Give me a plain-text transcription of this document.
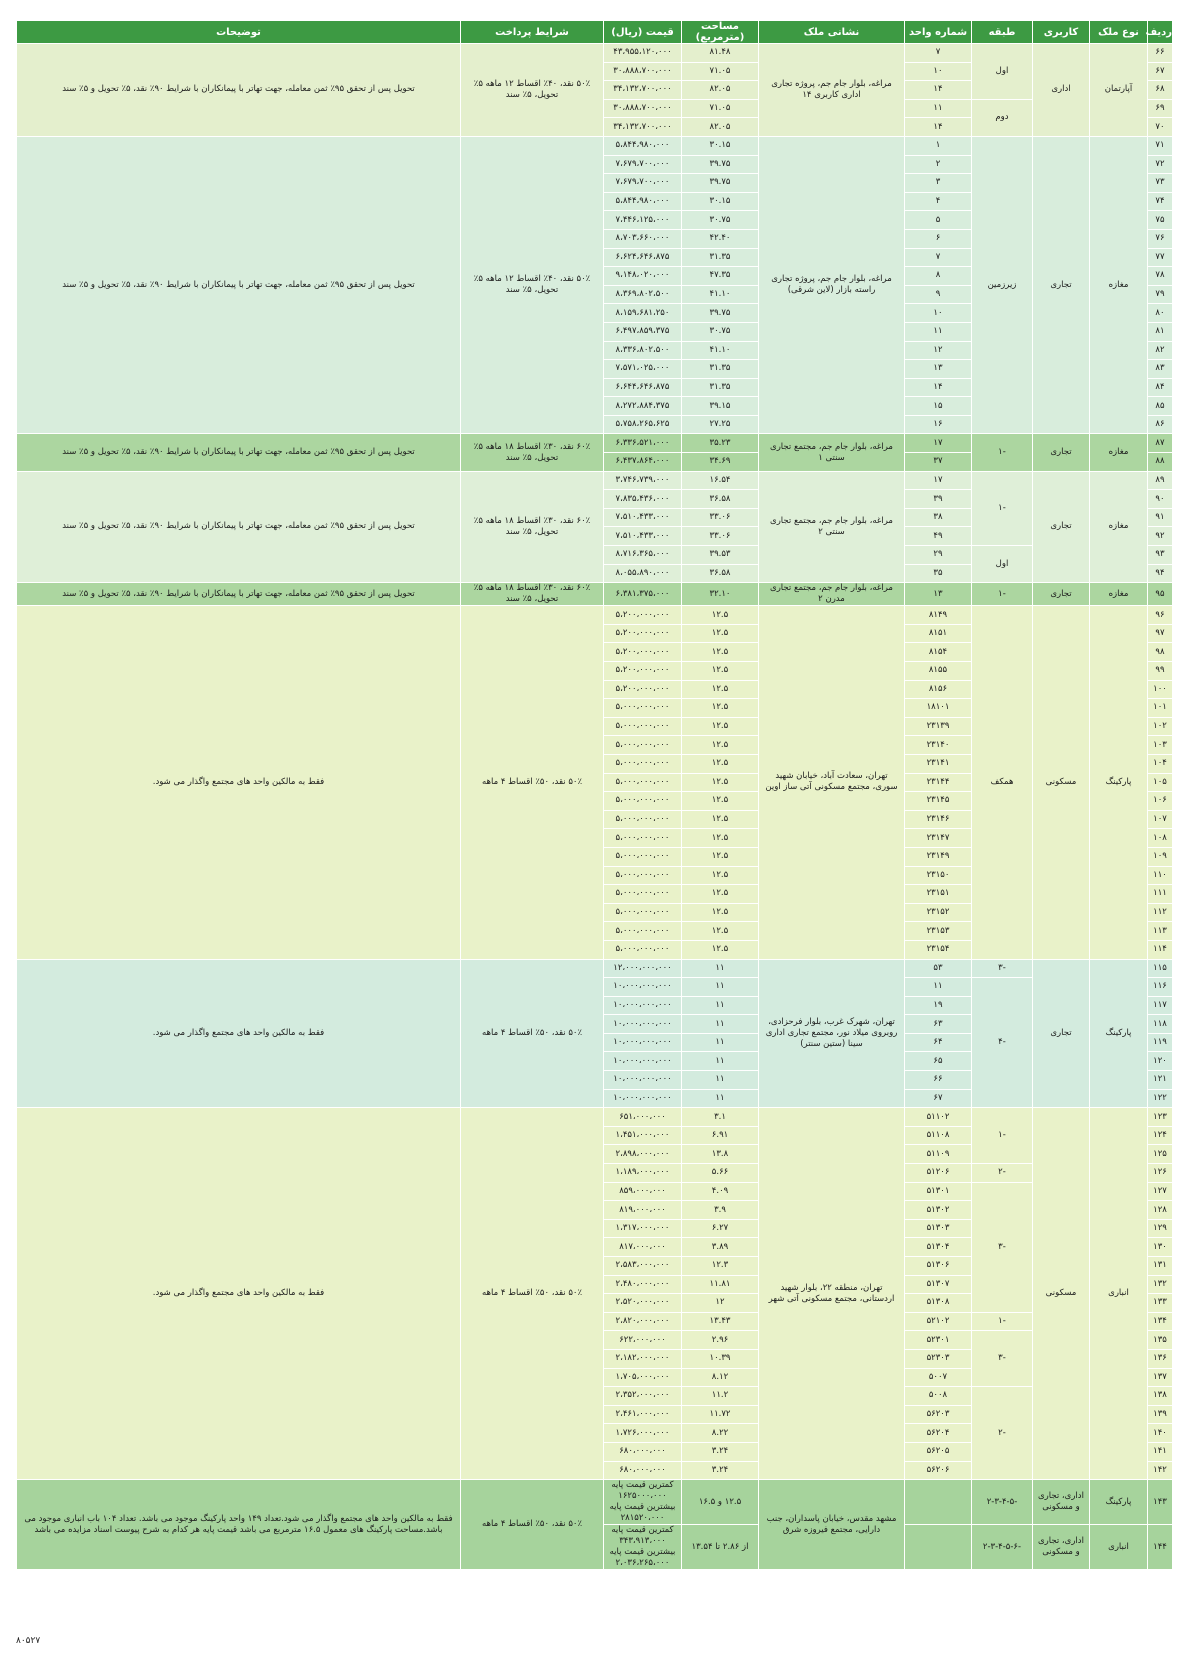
ردیف	نوع ملک	کاربری	طبقه	شماره واحد	نشانی ملک	مساحت (مترمربع)	قیمت (ریال)	شرایط پرداخت	توضیحات
۶۶	آپارتمان	اداری	اول	۷	مراغه، بلوار جام جم، پروژه تجاری اداری کاربری ۱۴	۸۱.۴۸	۴۳،۹۵۵،۱۲۰،۰۰۰	۵۰٪ نقد، ۴۰٪ اقساط ۱۲ ماهه ۵٪ تحویل، ۵٪ سند	تحویل پس از تحقق ۹۵٪ ثمن معامله، جهت تهاتر با پیمانکاران با شرایط ۹۰٪ نقد، ۵٪ تحویل و ۵٪ سند
۶۷				۱۰		۷۱.۰۵	۳۰،۸۸۸،۷۰۰،۰۰۰		
۶۸				۱۴		۸۲.۰۵	۳۴،۱۳۲،۷۰۰،۰۰۰		
۶۹			دوم	۱۱		۷۱.۰۵	۳۰،۸۸۸،۷۰۰،۰۰۰		
۷۰				۱۴		۸۲.۰۵	۳۴،۱۳۲،۷۰۰،۰۰۰		
۷۱	مغازه	تجاری	زیرزمین	۱	مراغه، بلوار جام جم، پروژه تجاری راسته بازار (لاین شرقی)	۳۰.۱۵	۵،۸۴۴،۹۸۰،۰۰۰	۵۰٪ نقد، ۴۰٪ اقساط ۱۲ ماهه ۵٪ تحویل، ۵٪ سند	تحویل پس از تحقق ۹۵٪ ثمن معامله، جهت تهاتر با پیمانکاران با شرایط ۹۰٪ نقد، ۵٪ تحویل و ۵٪ سند
۷۲				۲		۳۹.۷۵	۷،۶۷۹،۷۰۰،۰۰۰		
۷۳				۳		۳۹.۷۵	۷،۶۷۹،۷۰۰،۰۰۰		
۷۴				۴		۳۰.۱۵	۵،۸۴۴،۹۸۰،۰۰۰		
۷۵				۵		۳۰.۷۵	۷،۴۴۶،۱۲۵،۰۰۰		
۷۶				۶		۴۲.۴۰	۸،۷۰۳،۶۶۰،۰۰۰		
۷۷				۷		۳۱.۳۵	۶،۶۲۴،۶۴۶،۸۷۵		
۷۸				۸		۴۷.۳۵	۹،۱۴۸،۰۲۰،۰۰۰		
۷۹				۹		۴۱.۱۰	۸،۳۶۹،۸۰۲،۵۰۰		
۸۰				۱۰		۳۹.۷۵	۸،۱۵۹،۶۸۱،۲۵۰		
۸۱				۱۱		۳۰.۷۵	۶،۴۹۷،۸۵۹،۳۷۵		
۸۲				۱۲		۴۱.۱۰	۸،۳۳۶،۸۰۲،۵۰۰		
۸۳				۱۳		۳۱.۳۵	۷،۵۷۱،۰۲۵،۰۰۰		
۸۴				۱۴		۳۱.۳۵	۶،۶۴۴،۶۴۶،۸۷۵		
۸۵				۱۵		۳۹.۱۵	۸،۲۷۲،۸۸۴،۳۷۵		
۸۶				۱۶		۲۷.۲۵	۵،۷۵۸،۲۶۵،۶۲۵		
۸۷	مغازه	تجاری	-۱	۱۷	مراغه، بلوار جام جم، مجتمع تجاری سنتی ۱	۳۵.۲۳	۶،۳۳۶،۵۲۱،۰۰۰	۶۰٪ نقد، ۳۰٪ اقساط ۱۸ ماهه ۵٪ تحویل، ۵٪ سند	تحویل پس از تحقق ۹۵٪ ثمن معامله، جهت تهاتر با پیمانکاران با شرایط ۹۰٪ نقد، ۵٪ تحویل و ۵٪ سند
۸۸				۳۷		۳۴.۶۹	۶،۴۳۷،۸۶۴،۰۰۰		
۸۹	مغازه	تجاری	-۱	۱۷	مراغه، بلوار جام جم، مجتمع تجاری سنتی ۲	۱۶.۵۴	۳،۷۴۶،۷۳۹،۰۰۰	۶۰٪ نقد، ۳۰٪ اقساط ۱۸ ماهه ۵٪ تحویل، ۵٪ سند	تحویل پس از تحقق ۹۵٪ ثمن معامله، جهت تهاتر با پیمانکاران با شرایط ۹۰٪ نقد، ۵٪ تحویل و ۵٪ سند
۹۰				۳۹		۳۶.۵۸	۷،۸۳۵،۴۳۶،۰۰۰		
۹۱				۳۸		۳۳.۰۶	۷،۵۱۰،۴۳۳،۰۰۰		
۹۲				۴۹		۳۳.۰۶	۷،۵۱۰،۴۳۳،۰۰۰		
۹۳			اول	۲۹		۳۹.۵۳	۸،۷۱۶،۳۶۵،۰۰۰		
۹۴				۳۵		۳۶.۵۸	۸،۰۵۵،۸۹۰،۰۰۰		
۹۵	مغازه	تجاری	-۱	۱۳	مراغه، بلوار جام جم، مجتمع تجاری مدرن ۲	۳۲.۱۰	۶،۳۸۱،۳۷۵،۰۰۰	۶۰٪ نقد، ۳۰٪ اقساط ۱۸ ماهه ۵٪ تحویل، ۵٪ سند	تحویل پس از تحقق ۹۵٪ ثمن معامله، جهت تهاتر با پیمانکاران با شرایط ۹۰٪ نقد، ۵٪ تحویل و ۵٪ سند
۹۶	پارکینگ	مسکونی	همکف	۸۱۴۹	تهران، سعادت آباد، خیابان شهید سوری، مجتمع مسکونی آتی ساز اوین	۱۲.۵	۵،۲۰۰،۰۰۰،۰۰۰	۵۰٪ نقد، ۵۰٪ اقساط ۴ ماهه	فقط به مالکین واحد های مجتمع واگذار می شود.
۹۷				۸۱۵۱		۱۲.۵	۵،۲۰۰،۰۰۰،۰۰۰		
۹۸				۸۱۵۴		۱۲.۵	۵،۲۰۰،۰۰۰،۰۰۰		
۹۹				۸۱۵۵		۱۲.۵	۵،۲۰۰،۰۰۰،۰۰۰		
۱۰۰				۸۱۵۶		۱۲.۵	۵،۲۰۰،۰۰۰،۰۰۰		
۱۰۱				۱۸۱۰۱		۱۲.۵	۵،۰۰۰،۰۰۰،۰۰۰		
۱۰۲				۲۳۱۳۹		۱۲.۵	۵،۰۰۰،۰۰۰،۰۰۰		
۱۰۳				۲۳۱۴۰		۱۲.۵	۵،۰۰۰،۰۰۰،۰۰۰		
۱۰۴				۲۳۱۴۱		۱۲.۵	۵،۰۰۰،۰۰۰،۰۰۰		
۱۰۵				۲۳۱۴۴		۱۲.۵	۵،۰۰۰،۰۰۰،۰۰۰		
۱۰۶				۲۳۱۴۵		۱۲.۵	۵،۰۰۰،۰۰۰،۰۰۰		
۱۰۷				۲۳۱۴۶		۱۲.۵	۵،۰۰۰،۰۰۰،۰۰۰		
۱۰۸				۲۳۱۴۷		۱۲.۵	۵،۰۰۰،۰۰۰،۰۰۰		
۱۰۹				۲۳۱۴۹		۱۲.۵	۵،۰۰۰،۰۰۰،۰۰۰		
۱۱۰				۲۳۱۵۰		۱۲.۵	۵،۰۰۰،۰۰۰،۰۰۰		
۱۱۱				۲۳۱۵۱		۱۲.۵	۵،۰۰۰،۰۰۰،۰۰۰		
۱۱۲				۲۳۱۵۲		۱۲.۵	۵،۰۰۰،۰۰۰،۰۰۰		
۱۱۳				۲۳۱۵۳		۱۲.۵	۵،۰۰۰،۰۰۰،۰۰۰		
۱۱۴				۲۳۱۵۴		۱۲.۵	۵،۰۰۰،۰۰۰،۰۰۰		
۱۱۵	پارکینگ	تجاری	-۳	۵۳	تهران، شهرک غرب، بلوار فرحزادی، روبروی میلاد نور، مجتمع تجاری اداری سینا (ستین سنتر)	۱۱	۱۲،۰۰۰،۰۰۰،۰۰۰	۵۰٪ نقد، ۵۰٪ اقساط ۴ ماهه	فقط به مالکین واحد های مجتمع واگذار می شود.
۱۱۶			-۴	۱۱		۱۱	۱۰،۰۰۰،۰۰۰،۰۰۰		
۱۱۷				۱۹		۱۱	۱۰،۰۰۰،۰۰۰،۰۰۰		
۱۱۸				۶۳		۱۱	۱۰،۰۰۰،۰۰۰،۰۰۰		
۱۱۹				۶۴		۱۱	۱۰،۰۰۰،۰۰۰،۰۰۰		
۱۲۰				۶۵		۱۱	۱۰،۰۰۰،۰۰۰،۰۰۰		
۱۲۱				۶۶		۱۱	۱۰،۰۰۰،۰۰۰،۰۰۰		
۱۲۲				۶۷		۱۱	۱۰،۰۰۰،۰۰۰،۰۰۰		
۱۲۳	انباری	مسکونی	-۱	۵۱۱۰۲	تهران، منطقه ۲۲، بلوار شهید اردستانی، مجتمع مسکونی آتی شهر	۳.۱	۶۵۱،۰۰۰،۰۰۰	۵۰٪ نقد، ۵۰٪ اقساط ۴ ماهه	فقط به مالکین واحد های مجتمع واگذار می شود.
۱۲۴				۵۱۱۰۸		۶.۹۱	۱،۴۵۱،۰۰۰،۰۰۰		
۱۲۵				۵۱۱۰۹		۱۳.۸	۲،۸۹۸،۰۰۰،۰۰۰		
۱۲۶			-۲	۵۱۲۰۶		۵.۶۶	۱،۱۸۹،۰۰۰،۰۰۰		
۱۲۷			-۳	۵۱۳۰۱		۴.۰۹	۸۵۹،۰۰۰،۰۰۰		
۱۲۸				۵۱۳۰۲		۳.۹	۸۱۹،۰۰۰،۰۰۰		
۱۲۹				۵۱۳۰۳		۶.۲۷	۱،۳۱۷،۰۰۰،۰۰۰		
۱۳۰				۵۱۳۰۴		۳.۸۹	۸۱۷،۰۰۰،۰۰۰		
۱۳۱				۵۱۳۰۶		۱۲.۳	۲،۵۸۳،۰۰۰،۰۰۰		
۱۳۲				۵۱۳۰۷		۱۱.۸۱	۲،۴۸۰،۰۰۰،۰۰۰		
۱۳۳				۵۱۳۰۸		۱۲	۲،۵۲۰،۰۰۰،۰۰۰		
۱۳۴			-۱	۵۲۱۰۲		۱۳.۴۳	۲،۸۲۰،۰۰۰،۰۰۰		
۱۳۵			-۳	۵۲۳۰۱		۲.۹۶	۶۲۲،۰۰۰،۰۰۰		
۱۳۶				۵۲۳۰۳		۱۰.۳۹	۲،۱۸۲،۰۰۰،۰۰۰		
۱۳۷				۵۰۰۷		۸.۱۲	۱،۷۰۵،۰۰۰،۰۰۰		
۱۳۸			-۲	۵۰۰۸		۱۱.۲	۲،۳۵۲،۰۰۰،۰۰۰		
۱۳۹				۵۶۲۰۳		۱۱.۷۲	۲،۴۶۱،۰۰۰،۰۰۰		
۱۴۰				۵۶۲۰۴		۸.۲۲	۱،۷۲۶،۰۰۰،۰۰۰		
۱۴۱				۵۶۲۰۵		۳.۲۴	۶۸۰،۰۰۰،۰۰۰		
۱۴۲				۵۶۲۰۶		۳.۲۴	۶۸۰،۰۰۰،۰۰۰		
۱۴۳	پارکینگ	اداری، تجاری و مسکونی	-۲-۳-۴-۵		مشهد مقدس، خیابان پاسداران، جنب دارایی، مجتمع فیروزه شرق	۱۲.۵ و ۱۶.۵	کمترین قیمت پایه ۱۶۲۵۰۰۰،۰۰۰ بیشترین قیمت پایه ۲۸۱۵۲۰،۰۰۰	۵۰٪ نقد، ۵۰٪ اقساط ۴ ماهه	فقط به مالکین واحد های مجتمع واگذار می شود.تعداد ۱۴۹ واحد پارکینگ موجود می باشد. تعداد ۱۰۴ باب انباری موجود می باشد.مساحت پارکینگ های معمول ۱۶.۵ مترمربع می باشد قیمت پایه هر کدام به شرح پیوست اسناد مزایده می باشد
۱۴۴	انباری	اداری، تجاری و مسکونی	-۲-۳-۴-۵-۶			از ۲.۸۶ تا ۱۳.۵۴	کمترین قیمت پایه ۳۴۳،۹۱۳،۰۰۰ بیشترین قیمت پایه ۲،۰۳۶،۲۶۵،۰۰۰		
۸۰۵۲۷
